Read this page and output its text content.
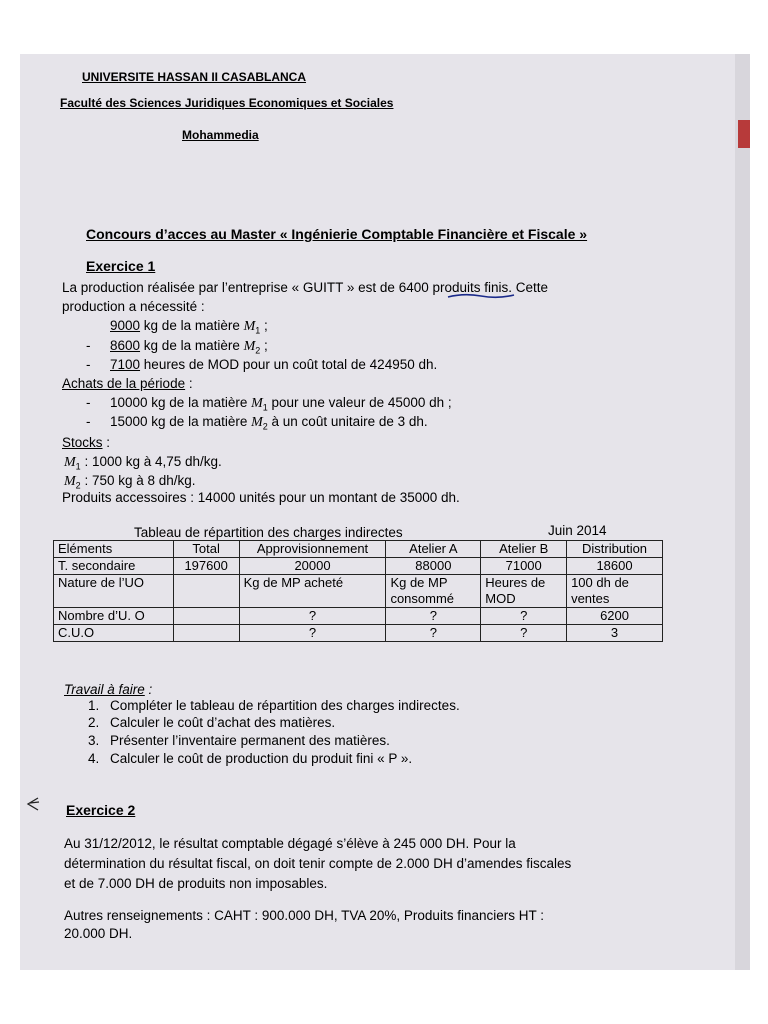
UNIVERSITE HASSAN II CASABLANCA
Faculté des Sciences Juridiques Economiques et Sociales
Mohammedia
Concours d’acces au Master « Ingénierie Comptable Financière et Fiscale »
Exercice 1
La production réalisée par l’entreprise « GUITT » est de 6400 produits finis. Cette
production a nécessité :
9000 kg de la matière $M_1$ ;
- 8600 kg de la matière $M_2$ ;
- 7100 heures de MOD pour un coût total de 424950 dh.
Achats de la période :
- 10000 kg de la matière $M_1$ pour une valeur de 45000 dh ;
- 15000 kg de la matière $M_2$ à un coût unitaire de 3 dh.
Stocks :
$M_1$ : 1000 kg à 4,75 dh/kg.
$M_2$ : 750 kg à 8 dh/kg.
Produits accessoires : 14000 unités pour un montant de 35000 dh.
Tableau de répartition des charges indirectes	Juin 2014
Eléments	Total	Approvisionnement	Atelier A	Atelier B	Distribution
T. secondaire	197600	20000	88000	71000	18600
Nature de l’UO		Kg de MP acheté	Kg de MP consommé	Heures de MOD	100 dh de ventes
Nombre d’U. O		?	?	?	6200
C.U.O		?	?	?	3
Travail à faire :
1. Compléter le tableau de répartition des charges indirectes.
2. Calculer le coût d’achat des matières.
3. Présenter l’inventaire permanent des matières.
4. Calculer le coût de production du produit fini « P ».
Exercice 2
Au 31/12/2012, le résultat comptable dégagé s’élève à 245 000 DH. Pour la
détermination du résultat fiscal, on doit tenir compte de 2.000 DH d’amendes fiscales
et de 7.000 DH de produits non imposables.
Autres renseignements : CAHT : 900.000 DH, TVA 20%, Produits financiers HT :
20.000 DH.
